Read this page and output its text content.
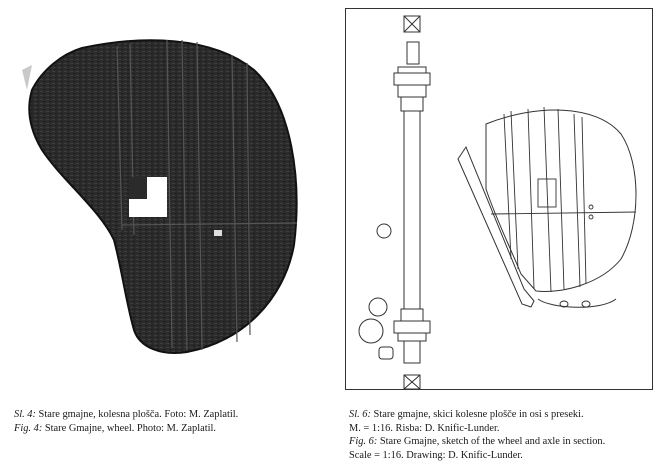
Sl. 4: Stare gmajne, kolesna plošča. Foto: M. Zaplatil.
Fig. 4: Stare Gmajne, wheel. Photo: M. Zaplatil.
Sl. 6: Stare gmajne, skici kolesne plošče in osi s preseki.
M. = 1:16. Risba: D. Knific-Lunder.
Fig. 6: Stare Gmajne, sketch of the wheel and axle in section.
Scale = 1:16. Drawing: D. Knific-Lunder.
